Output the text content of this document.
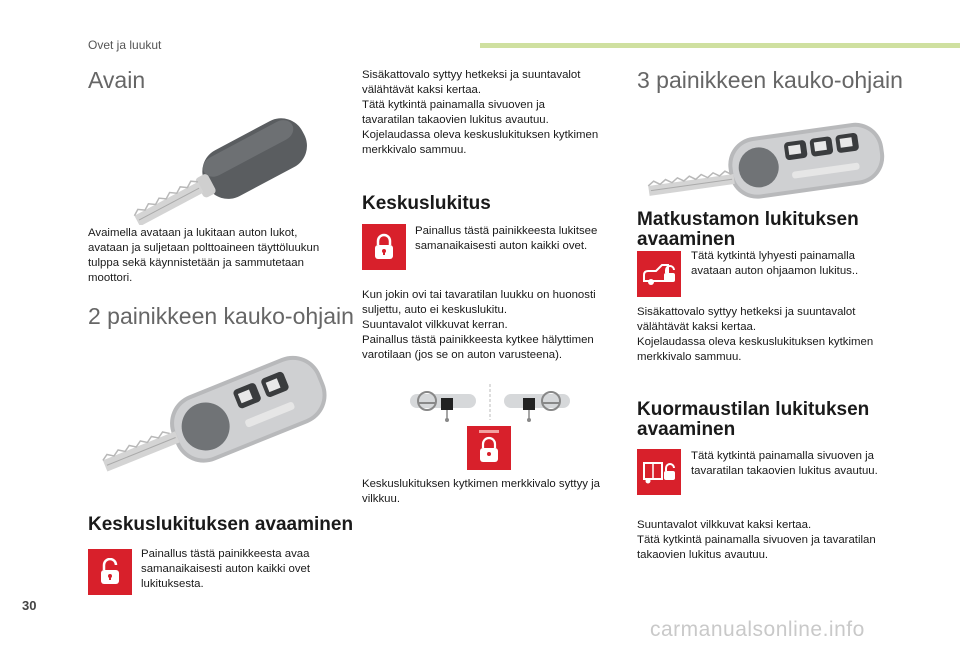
Ovet ja luukut
Avain

Avaimella avataan ja lukitaan auton lukot, avataan ja suljetaan polttoaineen täyttöluukun tulppa sekä käynnistetään ja sammutetaan moottori.

2 painikkeen kauko-ohjain
Keskuslukituksen avaaminen

Painallus tästä painikkeesta avaa samanaikaisesti auton kaikki ovet lukituksesta.

Sisäkattovalo syttyy hetkeksi ja suuntavalot välähtävät kaksi kertaa.
Tätä kytkintä painamalla sivuoven ja tavaratilan takaovien lukitus avautuu.
Kojelaudassa oleva keskuslukituksen kytkimen merkkivalo sammuu.

Keskuslukitus

Painallus tästä painikkeesta lukitsee samanaikaisesti auton kaikki ovet.

Kun jokin ovi tai tavaratilan luukku on huonosti suljettu, auto ei keskuslukitu.
Suuntavalot vilkkuvat kerran.
Painallus tästä painikkeesta kytkee hälyttimen varotilaan (jos se on auton varusteena).

Keskuslukituksen kytkimen merkkivalo syttyy ja vilkkuu.

3 painikkeen kauko-ohjain
Matkustamon lukituksen avaaminen

Tätä kytkintä lyhyesti painamalla avataan auton ohjaamon lukitus..

Sisäkattovalo syttyy hetkeksi ja suuntavalot välähtävät kaksi kertaa.
Kojelaudassa oleva keskuslukituksen kytkimen merkkivalo sammuu.

Kuormaustilan lukituksen avaaminen

Tätä kytkintä painamalla sivuoven ja tavaratilan takaovien lukitus avautuu.

Suuntavalot vilkkuvat kaksi kertaa.
Tätä kytkintä painamalla sivuoven ja tavaratilan takaovien lukitus avautuu.

30
carmanualsonline.info
